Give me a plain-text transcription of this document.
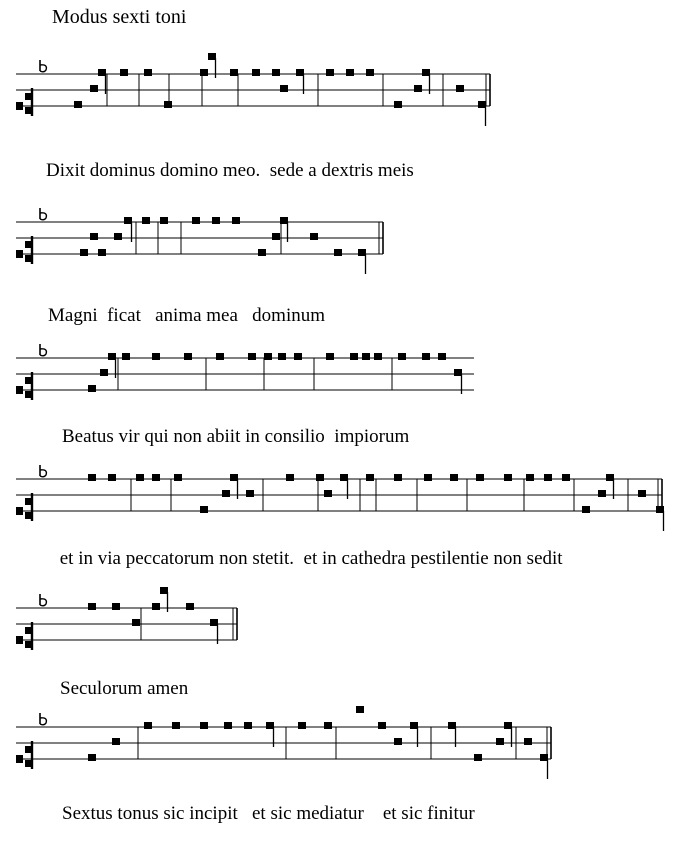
Modus sexti toni
Dixit dominus domino meo.  sede a dextris meis
Magni  ficat   anima mea   dominum
Beatus vir qui non abiit in consilio  impiorum
et in via peccatorum non stetit.  et in cathedra pestilentie non sedit
Seculorum amen
Sextus tonus sic incipit   et sic mediatur    et sic finitur
